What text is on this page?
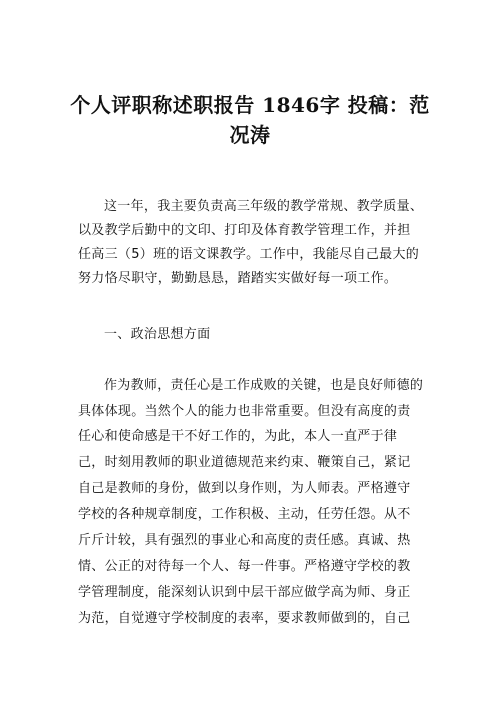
个人评职称述职报告 1846字 投稿：范
况涛
这一年，我主要负责高三年级的教学常规、教学质量、
以及教学后勤中的文印、打印及体育教学管理工作，并担
任高三（5）班的语文课教学。工作中，我能尽自己最大的
努力恪尽职守，勤勤恳恳，踏踏实实做好每一项工作。
一、政治思想方面
作为教师，责任心是工作成败的关键，也是良好师德的
具体体现。当然个人的能力也非常重要。但没有高度的责
任心和使命感是干不好工作的，为此，本人一直严于律
己，时刻用教师的职业道德规范来约束、鞭策自己，紧记
自己是教师的身份，做到以身作则，为人师表。严格遵守
学校的各种规章制度，工作积极、主动，任劳任怨。从不
斤斤计较，具有强烈的事业心和高度的责任感。真诚、热
情、公正的对待每一个人、每一件事。严格遵守学校的教
学管理制度，能深刻认识到中层干部应做学高为师、身正
为范，自觉遵守学校制度的表率，要求教师做到的，自己
